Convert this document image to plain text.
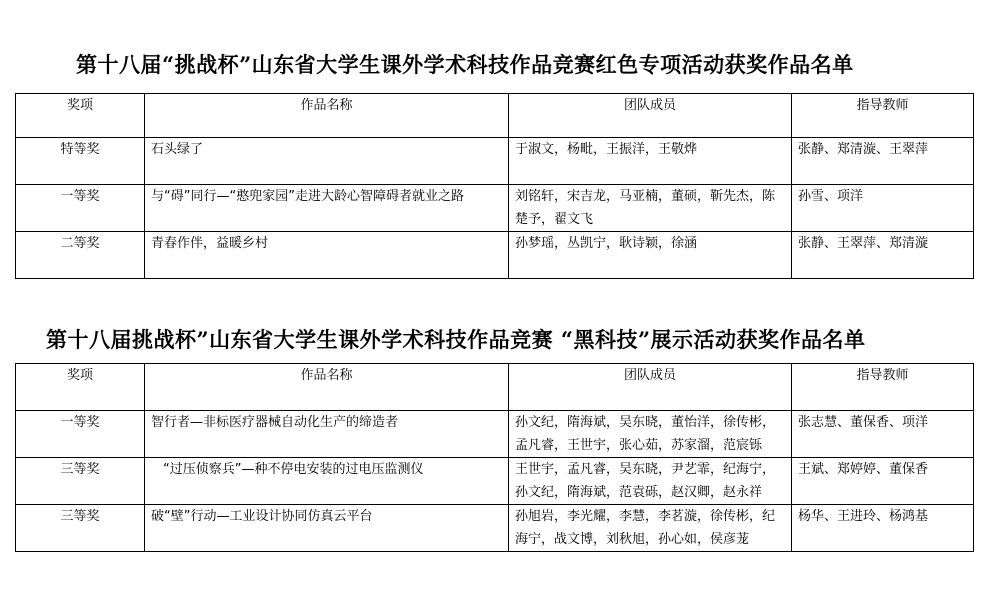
第十八届“挑战杯”山东省大学生课外学术科技作品竞赛红色专项活动获奖作品名单
奖项	作品名称	团队成员	指导教师
特等奖	石头绿了	于淑文，杨毗，王振洋，王敬烨	张静、郑清漩、王翠萍
一等奖	与“碍”同行—“憨兜家园”走进大龄心智障碍者就业之路	刘铭轩，宋吉龙，马亚楠，董硕，靳先杰，陈楚予，翟文飞	孙雪、项洋
二等奖	青春作伴，益暖乡村	孙梦瑶，丛凯宁，耿诗颖，徐涵	张静、王翠萍、郑清漩
第十八届挑战杯”山东省大学生课外学术科技作品竞赛 “黑科技”展示活动获奖作品名单
奖项	作品名称	团队成员	指导教师
一等奖	智行者—非标医疗器械自动化生产的缔造者	孙文纪，隋海斌，吴东晓，董怡洋，徐传彬，孟凡睿，王世宇，张心茹，苏家溜，范宸铄	张志慧、董保香、项洋
三等奖	“过压侦察兵”—种不停电安装的过电压监测仪	王世宇，孟凡睿，吴东晓，尹艺霏，纪海宁，孙文纪，隋海斌，范袁砾，赵汉卿，赵永祥	王斌、郑婷婷、董保香
三等奖	破“壁”行动—工业设计协同仿真云平台	孙旭岩，李光耀，李慧，李茗漩，徐传彬，纪海宁，战文博，刘秋旭，孙心如，侯彦茏	杨华、王进玲、杨鸿基
